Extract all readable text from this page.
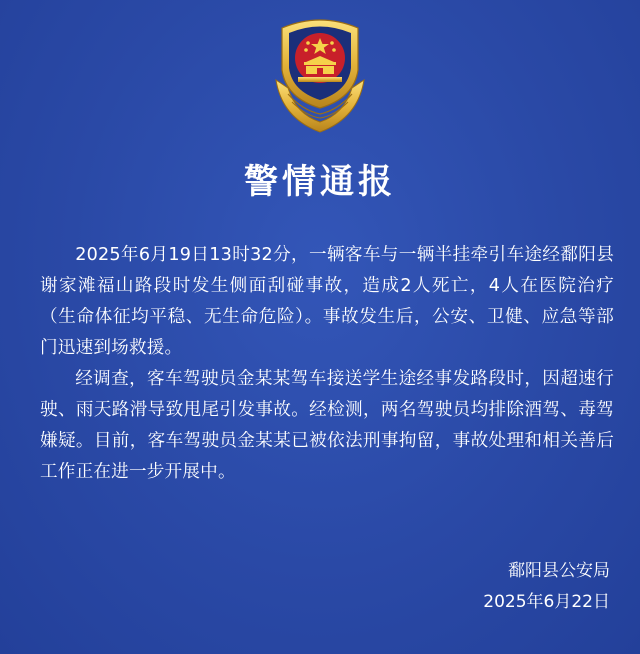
警情通报

2025年6月19日13时32分，一辆客车与一辆半挂牵引车途经鄱阳县谢家滩福山路段时发生侧面刮碰事故，造成2人死亡，4人在医院治疗（生命体征均平稳、无生命危险）。事故发生后，公安、卫健、应急等部门迅速到场救援。

经调查，客车驾驶员金某某驾车接送学生途经事发路段时，因超速行驶、雨天路滑导致甩尾引发事故。经检测，两名驾驶员均排除酒驾、毒驾嫌疑。目前，客车驾驶员金某某已被依法刑事拘留，事故处理和相关善后工作正在进一步开展中。

鄱阳县公安局
2025年6月22日
